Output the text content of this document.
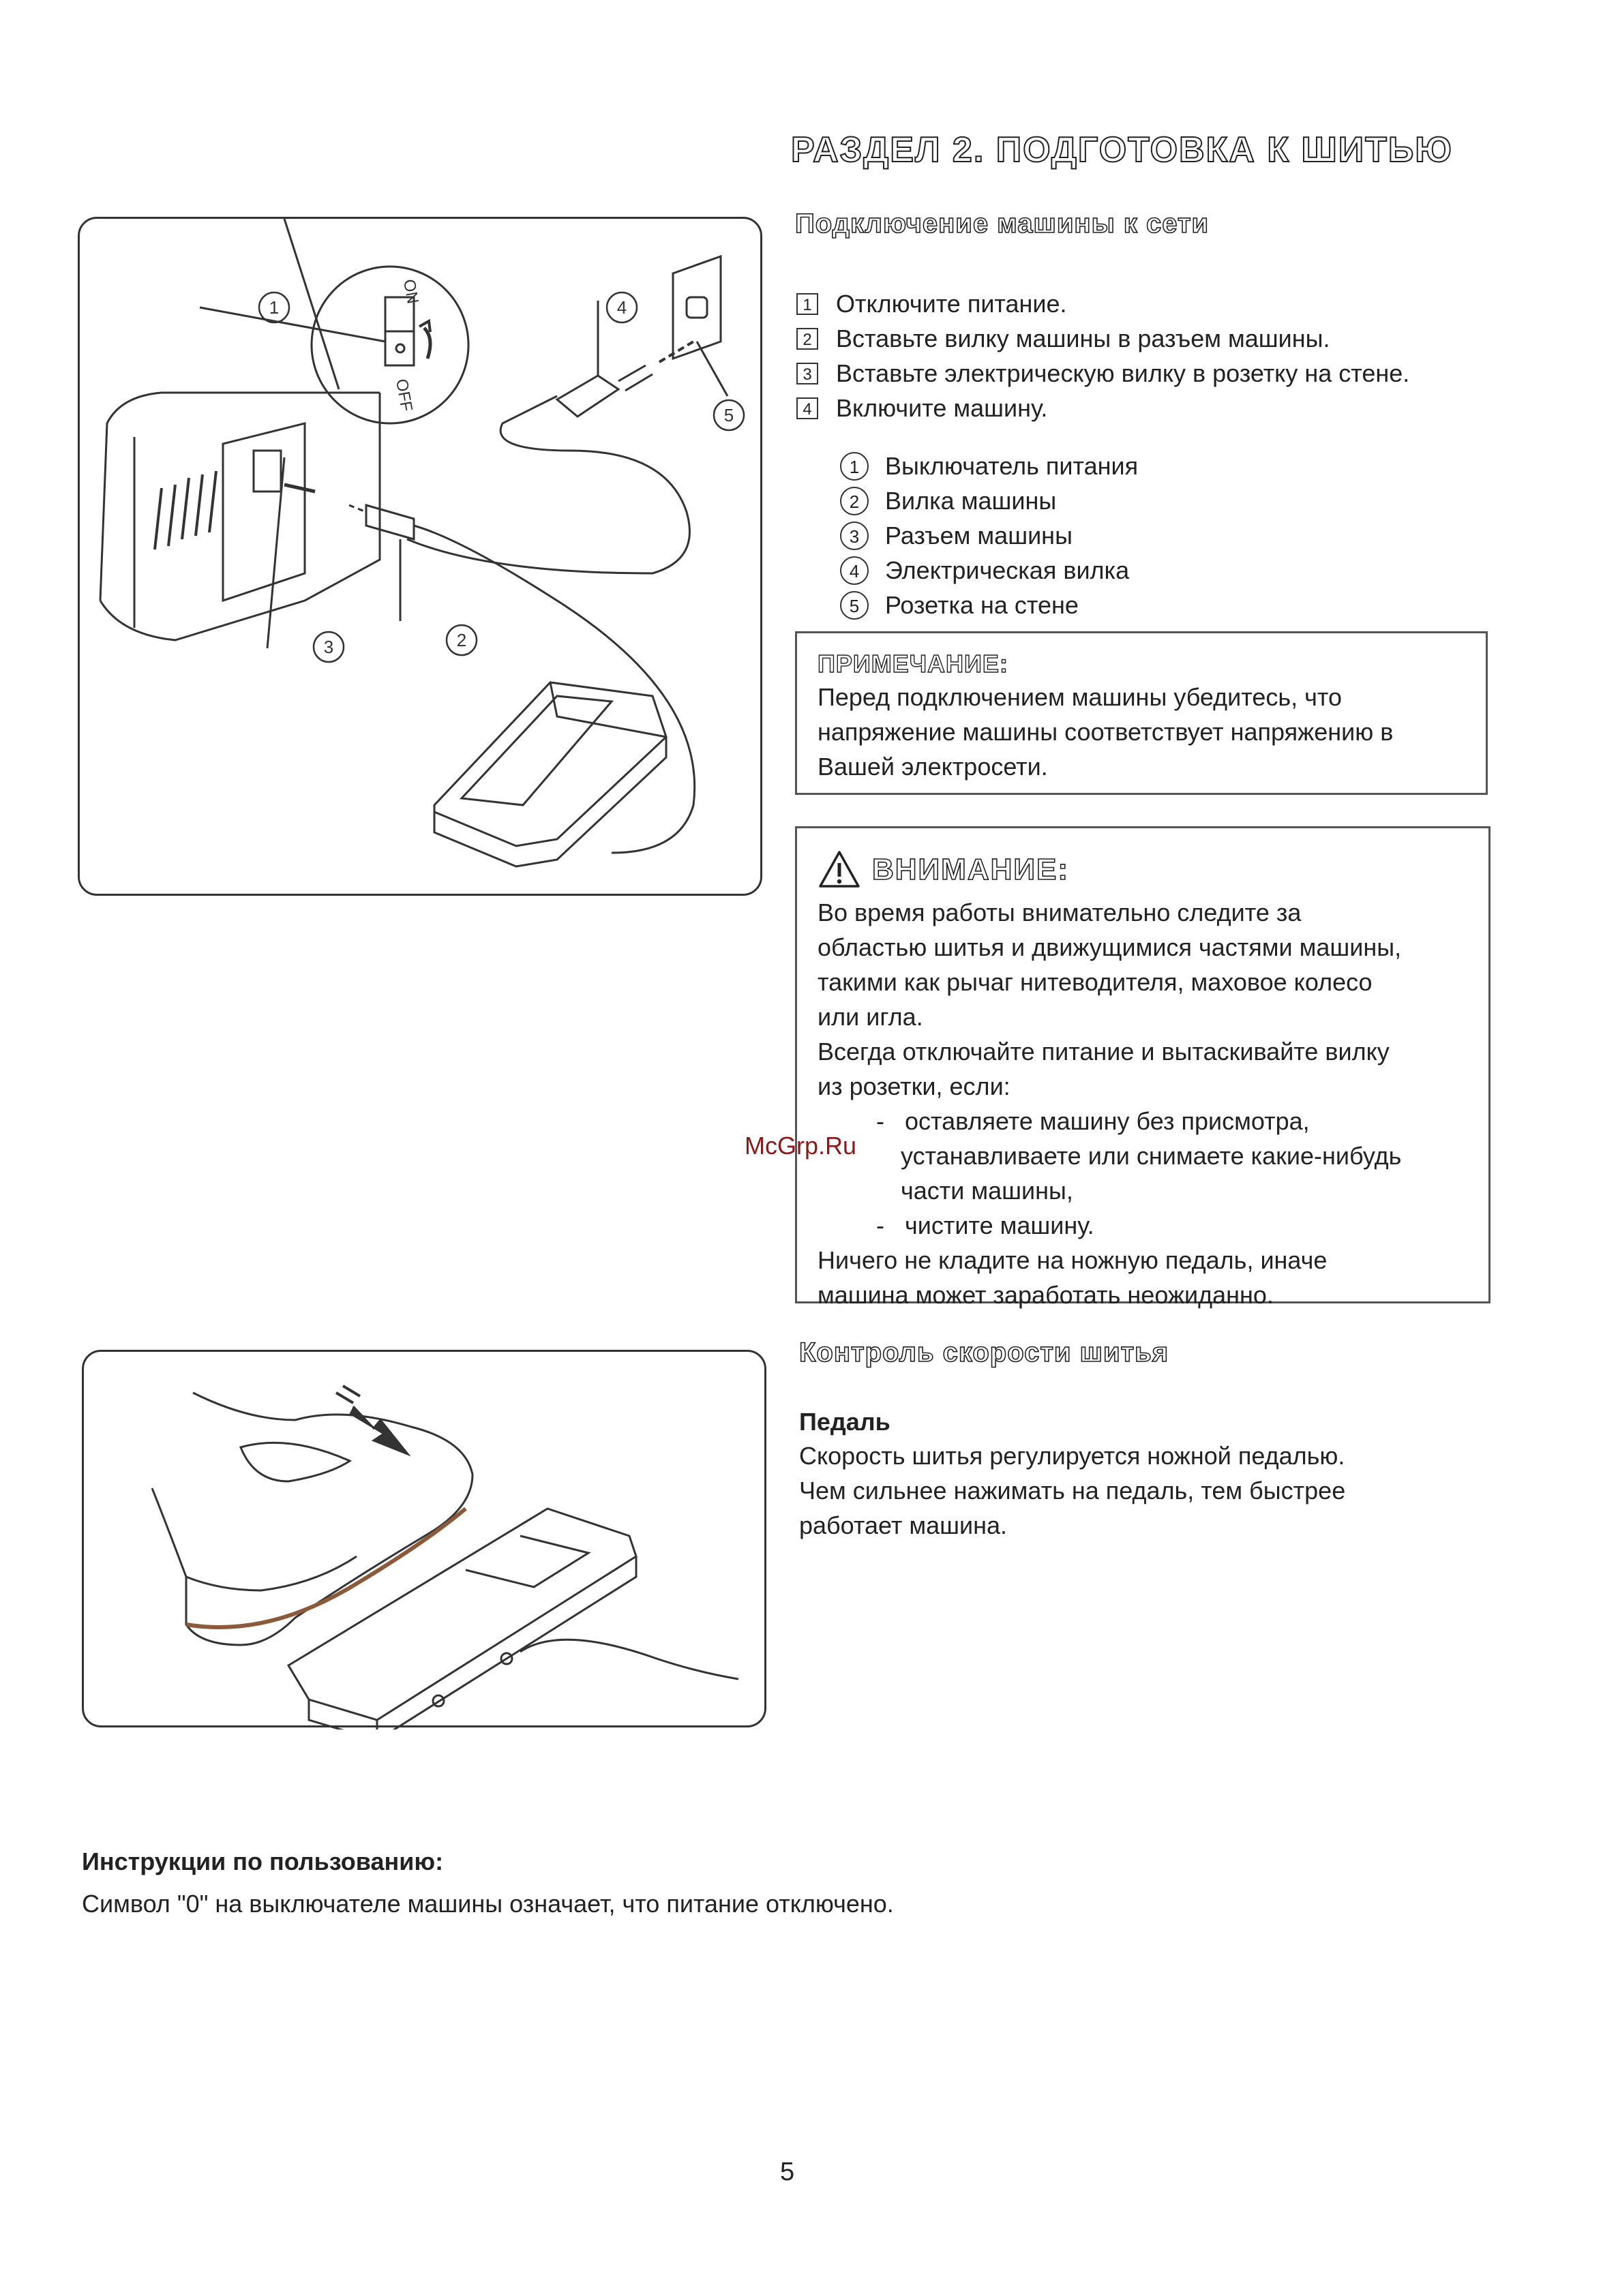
РАЗДЕЛ 2. ПОДГОТОВКА К ШИТЬЮ
1	4
5
2
3
ON
OFF
Подключение машины к сети
1 Отключите питание.
2 Вставьте вилку машины в разъем машины.
3 Вставьте электрическую вилку в розетку на стене.
4 Включите машину.
1	Выключатель питания
2	Вилка машины
3	Разъем машины
4	Электрическая вилка
5	Розетка на стене
ПРИМЕЧАНИЕ:
Перед подключением машины убедитесь, что
напряжение машины соответствует напряжению в
Вашей электросети.
ВНИМАНИЕ:
Во время работы внимательно следите за
областью шитья и движущимися частями машины,
такими как рычаг нитеводителя, маховое колесо
или игла.
Всегда отключайте питание и вытаскивайте вилку
из розетки, если:
- оставляете машину без присмотра,
устанавливаете или снимаете какие-нибудь
части машины,
- чистите машину.
Ничего не кладите на ножную педаль, иначе
машина может заработать неожиданно.
McGrp.Ru
Контроль скорости шитья
Педаль
Скорость шитья регулируется ножной педалью.
Чем сильнее нажимать на педаль, тем быстрее
работает машина.
Инструкции по пользованию:
Символ "0" на выключателе машины означает, что питание отключено.
5
